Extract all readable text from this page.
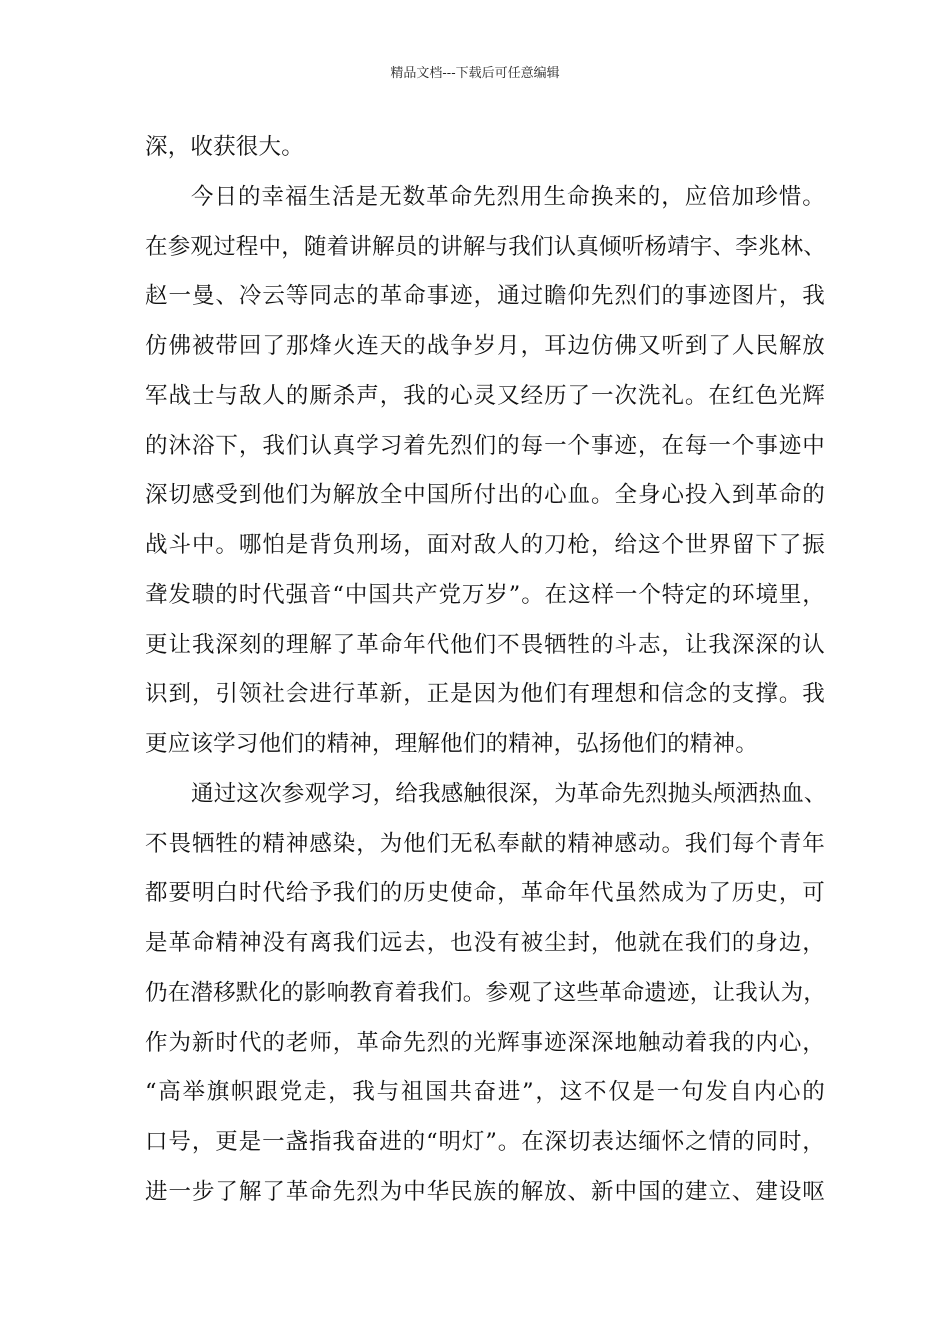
精品文档---下载后可任意编辑
深，收获很大。
今日的幸福生活是无数革命先烈用生命换来的，应倍加珍惜。
在参观过程中，随着讲解员的讲解与我们认真倾听杨靖宇、李兆林、
赵一曼、冷云等同志的革命事迹，通过瞻仰先烈们的事迹图片，我
仿佛被带回了那烽火连天的战争岁月，耳边仿佛又听到了人民解放
军战士与敌人的厮杀声，我的心灵又经历了一次洗礼。在红色光辉
的沐浴下，我们认真学习着先烈们的每一个事迹，在每一个事迹中
深切感受到他们为解放全中国所付出的心血。全身心投入到革命的
战斗中。哪怕是背负刑场，面对敌人的刀枪，给这个世界留下了振
聋发聩的时代强音“中国共产党万岁”。在这样一个特定的环境里，
更让我深刻的理解了革命年代他们不畏牺牲的斗志，让我深深的认
识到，引领社会进行革新，正是因为他们有理想和信念的支撑。我
更应该学习他们的精神，理解他们的精神，弘扬他们的精神。
通过这次参观学习，给我感触很深，为革命先烈抛头颅洒热血、
不畏牺牲的精神感染，为他们无私奉献的精神感动。我们每个青年
都要明白时代给予我们的历史使命，革命年代虽然成为了历史，可
是革命精神没有离我们远去，也没有被尘封，他就在我们的身边，
仍在潜移默化的影响教育着我们。参观了这些革命遗迹，让我认为，
作为新时代的老师，革命先烈的光辉事迹深深地触动着我的内心，
“高举旗帜跟党走，我与祖国共奋进”，这不仅是一句发自内心的
口号，更是一盏指我奋进的“明灯”。在深切表达缅怀之情的同时，
进一步了解了革命先烈为中华民族的解放、新中国的建立、建设呕
